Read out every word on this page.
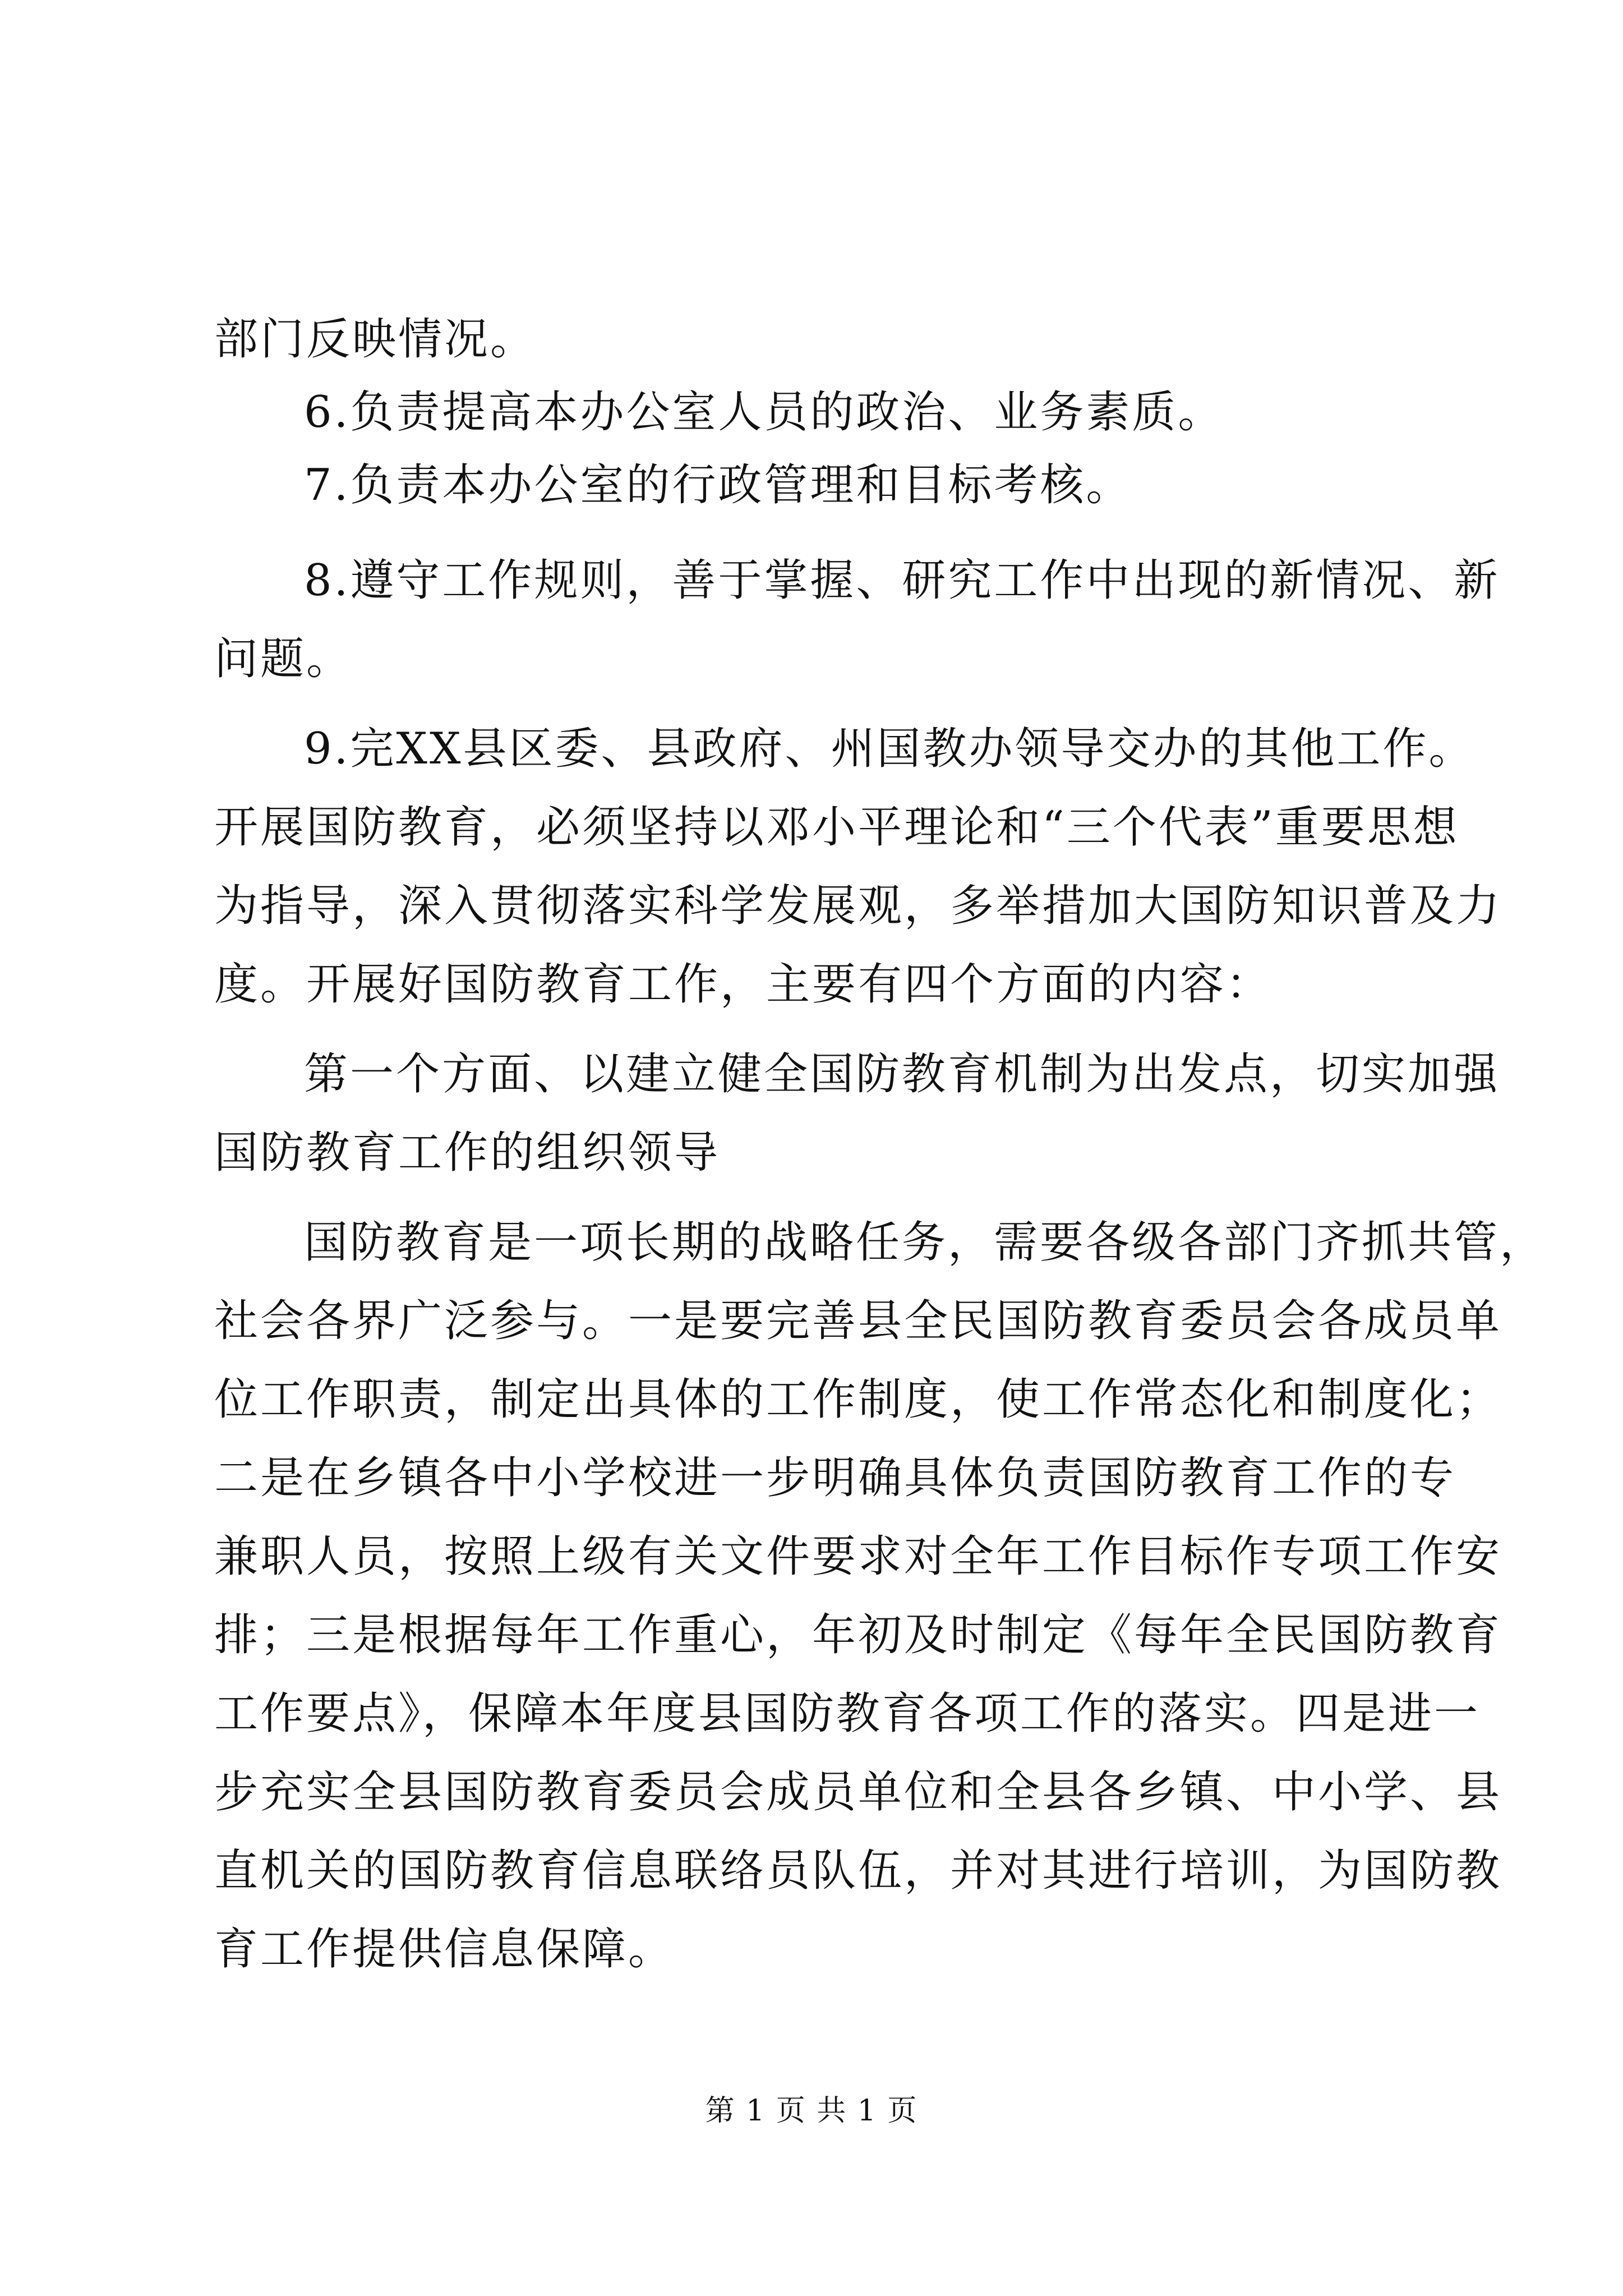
部门反映情况。
6.负责提高本办公室人员的政治、业务素质。
7.负责本办公室的行政管理和目标考核。
8.遵守工作规则，善于掌握、研究工作中出现的新情况、新
问题。
9.完XX县区委、县政府、州国教办领导交办的其他工作。
开展国防教育，必须坚持以邓小平理论和“三个代表”重要思想
为指导，深入贯彻落实科学发展观，多举措加大国防知识普及力
度。开展好国防教育工作，主要有四个方面的内容：
第一个方面、以建立健全国防教育机制为出发点，切实加强
国防教育工作的组织领导
国防教育是一项长期的战略任务，需要各级各部门齐抓共管，
社会各界广泛参与。一是要完善县全民国防教育委员会各成员单
位工作职责，制定出具体的工作制度，使工作常态化和制度化；
二是在乡镇各中小学校进一步明确具体负责国防教育工作的专
兼职人员，按照上级有关文件要求对全年工作目标作专项工作安
排；三是根据每年工作重心，年初及时制定《每年全民国防教育
工作要点》，保障本年度县国防教育各项工作的落实。四是进一
步充实全县国防教育委员会成员单位和全县各乡镇、中小学、县
直机关的国防教育信息联络员队伍，并对其进行培训，为国防教
育工作提供信息保障。
第 1 页 共 1 页
